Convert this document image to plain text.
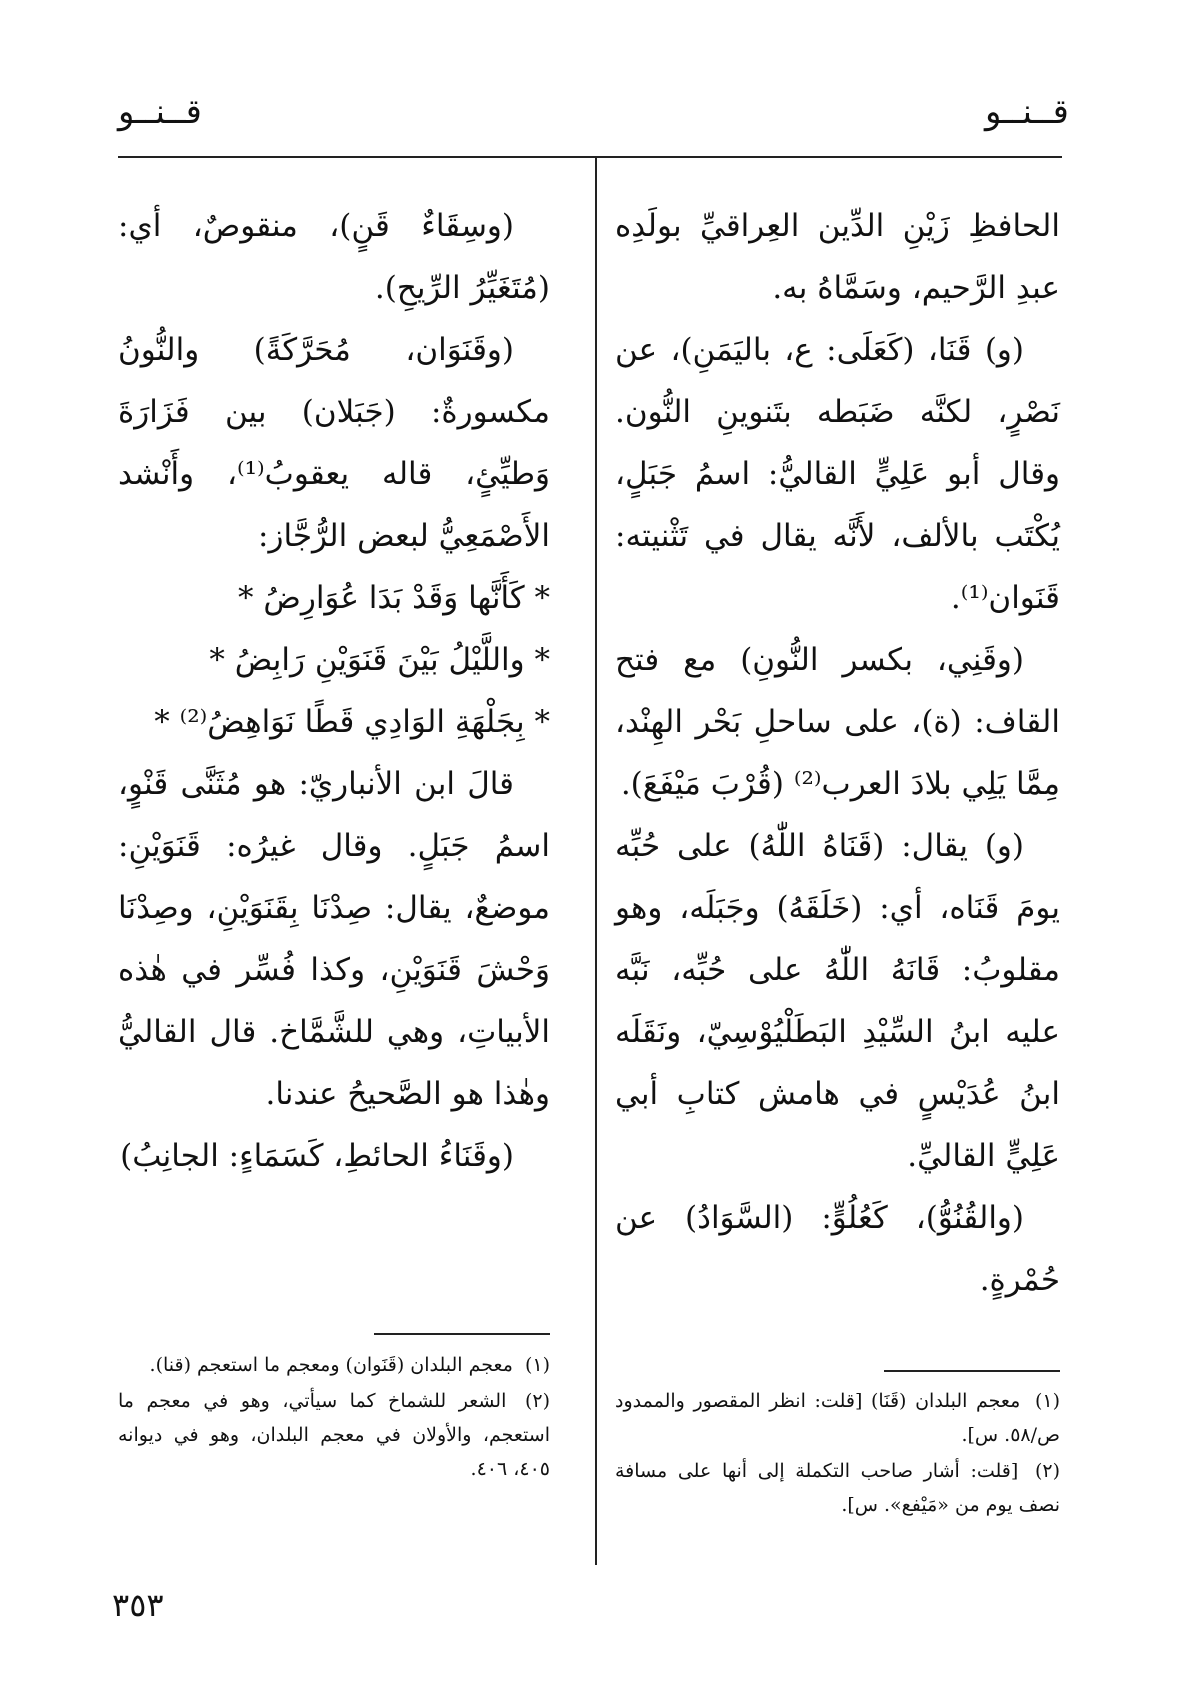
قــنــو
قــنــو

الحافظِ زَيْنِ الدِّين العِراقيِّ بولَدِه عبدِ الرَّحيم، وسَمَّاهُ به.

(و) قَنَا، (كَعَلَى: ع، باليَمَنِ)، عن نَصْرٍ، لكنَّه ضَبَطه بتَنوينِ النُّون. وقال أبو عَلِيٍّ القاليُّ: اسمُ جَبَلٍ، يُكْتَب بالألف، لأَنَّه يقال في تَثْنيته: قَنَوان⁽¹⁾.

(وقَنِي، بكسر النُّونِ) مع فتح القاف: (ة)، على ساحلِ بَحْر الهِنْد، مِمَّا يَلِي بلادَ العرب⁽²⁾ (قُرْبَ مَيْفَعَ).

(و) يقال: (قَنَاهُ اللّٰهُ) على حُبِّه يومَ قَنَاه، أي: (خَلَقَهُ) وجَبَلَه، وهو مقلوبُ: قَانَهُ اللّٰهُ على حُبِّه، نَبَّه عليه ابنُ السِّيْدِ البَطَلْيُوْسِيّ، ونَقَلَه ابنُ عُدَيْسٍ في هامش كتابِ أبي عَلِيٍّ القاليِّ.

(والقُنُوُّ)، كَعُلُوٍّ: (السَّوَادُ) عن حُمْرةٍ.

(وسِقَاءٌ قَنٍ)، منقوصٌ، أي: (مُتَغَيِّرُ الرِّيحِ).

(وقَنَوَان، مُحَرَّكَةً) والنُّونُ مكسورةٌ: (جَبَلان) بين فَزَارَةَ وَطيِّئٍ، قاله يعقوبُ⁽¹⁾، وأَنْشد الأَصْمَعِيُّ لبعض الرُّجَّاز:

* كَأَنَّها وَقَدْ بَدَا عُوَارِضُ *

* واللَّيْلُ بَيْنَ قَنَوَيْنِ رَابِضُ *

* بِجَلْهَةِ الوَادِي قَطًا نَوَاهِضُ⁽²⁾ *

قالَ ابن الأنباريّ: هو مُثَنَّى قَنْوٍ، اسمُ جَبَلٍ. وقال غيرُه: قَنَوَيْنِ: موضعٌ، يقال: صِدْنَا بِقَنَوَيْنِ، وصِدْنَا وَحْشَ قَنَوَيْنِ، وكذا فُسِّر في هٰذه الأبياتِ، وهي للشَّمَّاخ. قال القاليُّ وهٰذا هو الصَّحيحُ عندنا.

(وقَنَاءُ الحائطِ، كَسَمَاءٍ: الجانِبُ)

(١) معجم البلدان (قَنَا) [قلت: انظر المقصور والممدود ص/٥٨. س].

(٢) [قلت: أشار صاحب التكملة إلى أنها على مسافة نصف يوم من «مَيْفع». س].

(١) معجم البلدان (قَنَوان) ومعجم ما استعجم (قنا).

(٢) الشعر للشماخ كما سيأتي، وهو في معجم ما استعجم، والأولان في معجم البلدان، وهو في ديوانه ٤٠٥، ٤٠٦.

٣٥٣
